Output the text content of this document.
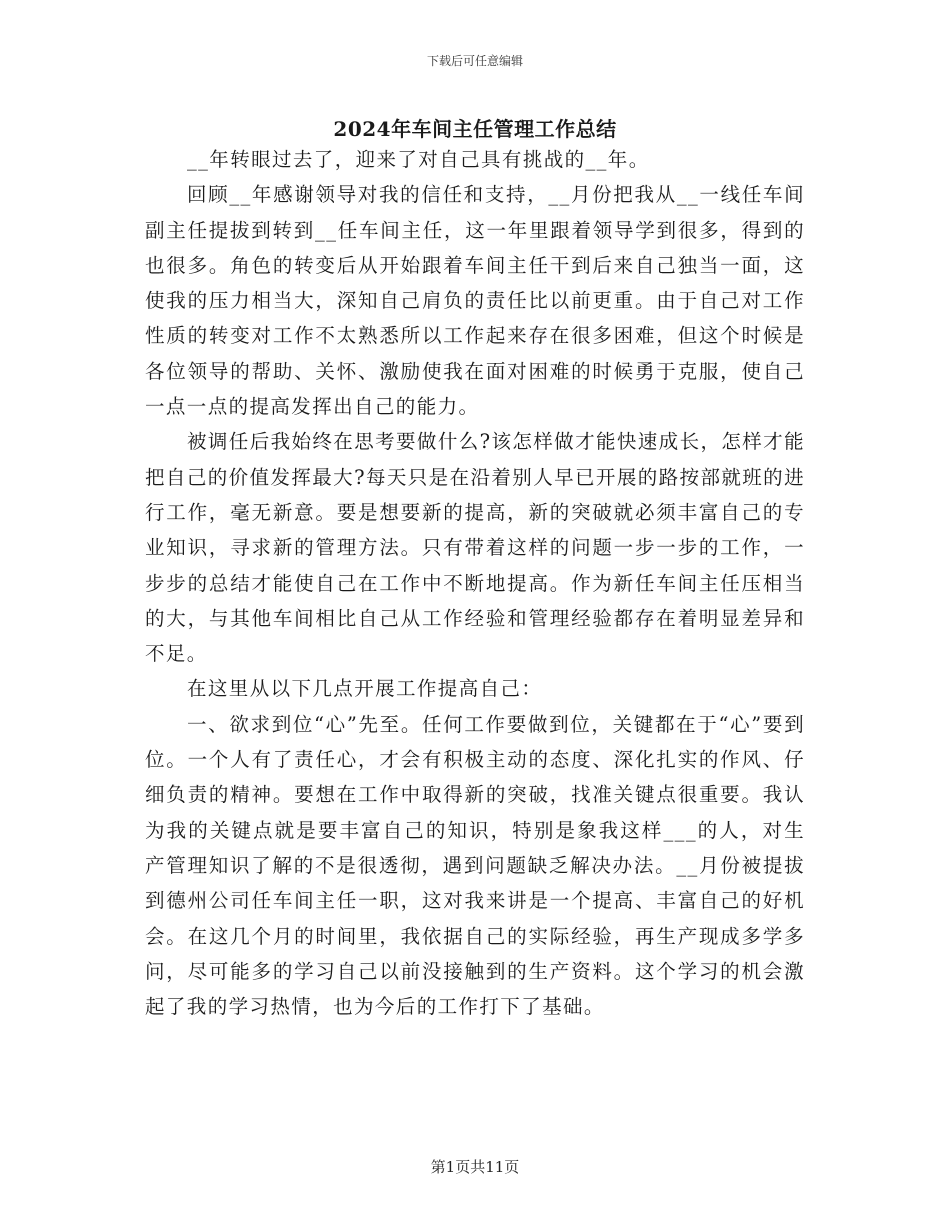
下载后可任意编辑
2024年车间主任管理工作总结

__年转眼过去了，迎来了对自己具有挑战的__年。

回顾__年感谢领导对我的信任和支持，__月份把我从__一线任车间副主任提拔到转到__任车间主任，这一年里跟着领导学到很多，得到的也很多。角色的转变后从开始跟着车间主任干到后来自己独当一面，这使我的压力相当大，深知自己肩负的责任比以前更重。由于自己对工作性质的转变对工作不太熟悉所以工作起来存在很多困难，但这个时候是各位领导的帮助、关怀、激励使我在面对困难的时候勇于克服，使自己一点一点的提高发挥出自己的能力。

被调任后我始终在思考要做什么?该怎样做才能快速成长，怎样才能把自己的价值发挥最大?每天只是在沿着别人早已开展的路按部就班的进行工作，毫无新意。要是想要新的提高，新的突破就必须丰富自己的专业知识，寻求新的管理方法。只有带着这样的问题一步一步的工作，一步步的总结才能使自己在工作中不断地提高。作为新任车间主任压相当的大，与其他车间相比自己从工作经验和管理经验都存在着明显差异和不足。

在这里从以下几点开展工作提高自己：

一、欲求到位“心”先至。任何工作要做到位，关键都在于“心”要到位。一个人有了责任心，才会有积极主动的态度、深化扎实的作风、仔细负责的精神。要想在工作中取得新的突破，找准关键点很重要。我认为我的关键点就是要丰富自己的知识，特别是象我这样___的人，对生产管理知识了解的不是很透彻，遇到问题缺乏解决办法。__月份被提拔到德州公司任车间主任一职，这对我来讲是一个提高、丰富自己的好机会。在这几个月的时间里，我依据自己的实际经验，再生产现成多学多问，尽可能多的学习自己以前没接触到的生产资料。这个学习的机会激起了我的学习热情，也为今后的工作打下了基础。

第1页共11页
